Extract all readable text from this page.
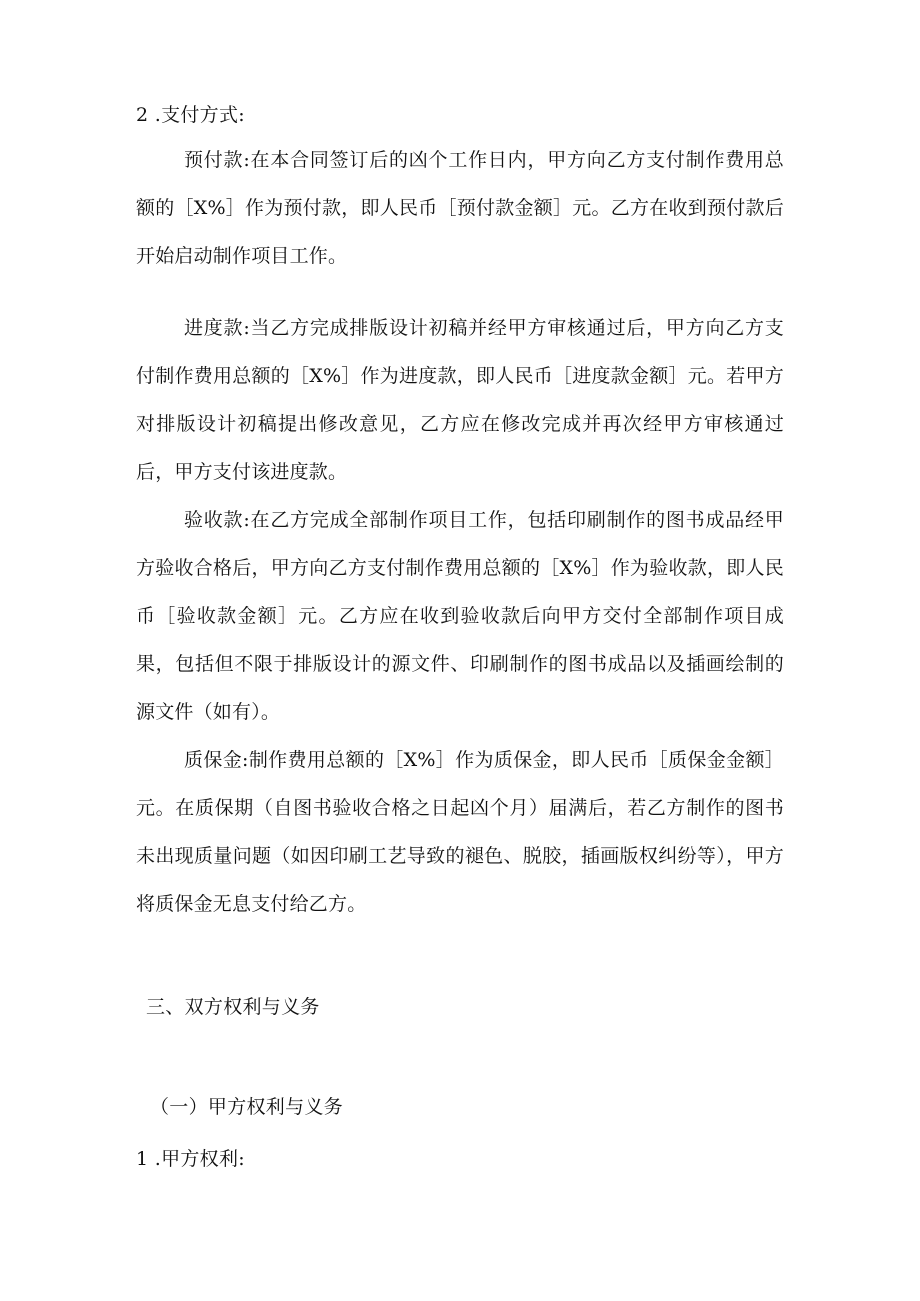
2 .支付方式:

预付款:在本合同签订后的凶个工作日内，甲方向乙方支付制作费用总额的［X%］作为预付款，即人民币［预付款金额］元。乙方在收到预付款后开始启动制作项目工作。

进度款:当乙方完成排版设计初稿并经甲方审核通过后，甲方向乙方支付制作费用总额的［X%］作为进度款，即人民币［进度款金额］元。若甲方对排版设计初稿提出修改意见，乙方应在修改完成并再次经甲方审核通过后，甲方支付该进度款。

验收款:在乙方完成全部制作项目工作，包括印刷制作的图书成品经甲方验收合格后，甲方向乙方支付制作费用总额的［X%］作为验收款，即人民币［验收款金额］元。乙方应在收到验收款后向甲方交付全部制作项目成果，包括但不限于排版设计的源文件、印刷制作的图书成品以及插画绘制的源文件（如有）。

质保金:制作费用总额的［X%］作为质保金，即人民币［质保金金额］元。在质保期（自图书验收合格之日起凶个月）届满后，若乙方制作的图书未出现质量问题（如因印刷工艺导致的褪色、脱胶，插画版权纠纷等），甲方将质保金无息支付给乙方。

三、双方权利与义务
（一）甲方权利与义务
1 .甲方权利:
